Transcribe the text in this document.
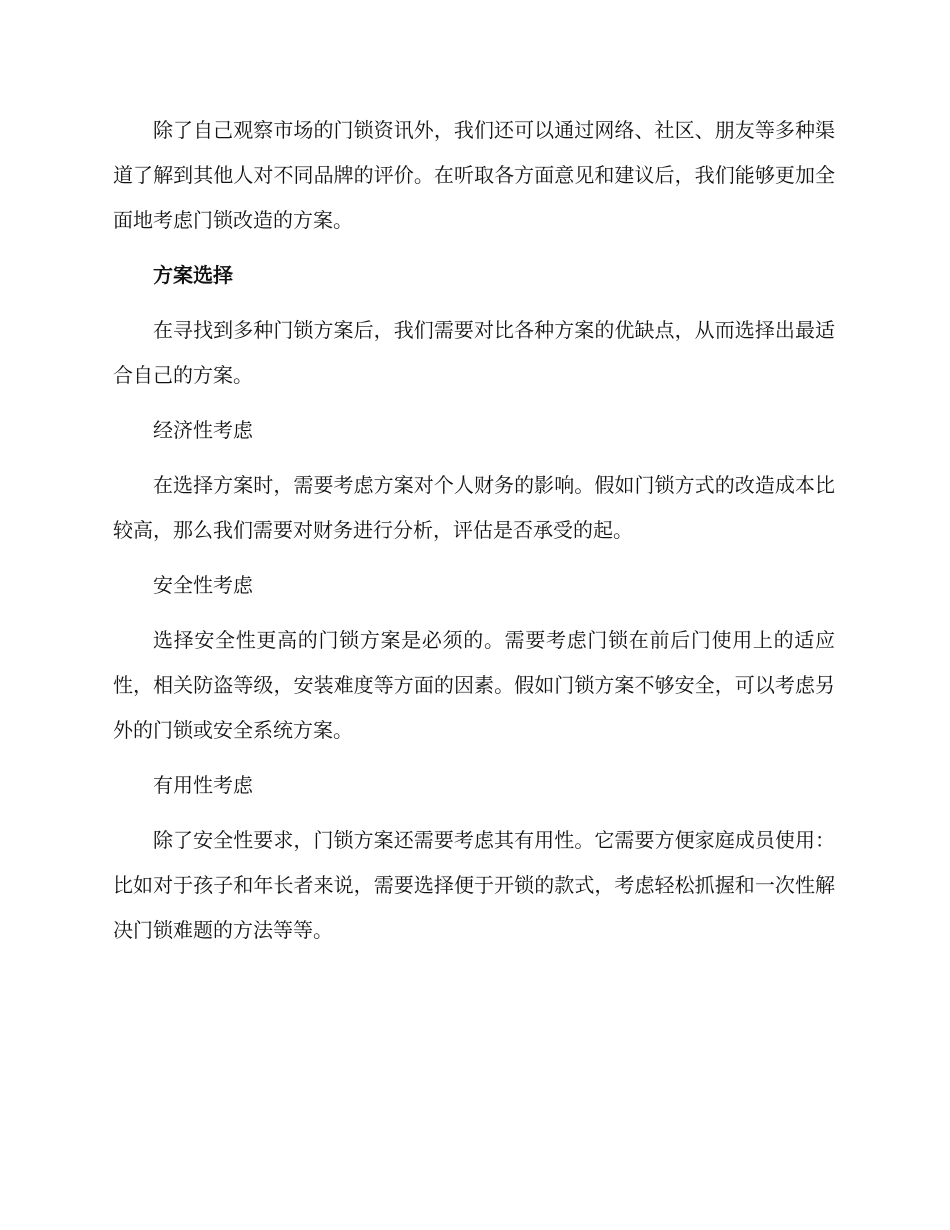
除了自己观察市场的门锁资讯外，我们还可以通过网络、社区、朋友等多种渠道了解到其他人对不同品牌的评价。在听取各方面意见和建议后，我们能够更加全面地考虑门锁改造的方案。

方案选择

在寻找到多种门锁方案后，我们需要对比各种方案的优缺点，从而选择出最适合自己的方案。

经济性考虑

在选择方案时，需要考虑方案对个人财务的影响。假如门锁方式的改造成本比较高，那么我们需要对财务进行分析，评估是否承受的起。

安全性考虑

选择安全性更高的门锁方案是必须的。需要考虑门锁在前后门使用上的适应性，相关防盗等级，安装难度等方面的因素。假如门锁方案不够安全，可以考虑另外的门锁或安全系统方案。

有用性考虑

除了安全性要求，门锁方案还需要考虑其有用性。它需要方便家庭成员使用：比如对于孩子和年长者来说，需要选择便于开锁的款式，考虑轻松抓握和一次性解决门锁难题的方法等等。
